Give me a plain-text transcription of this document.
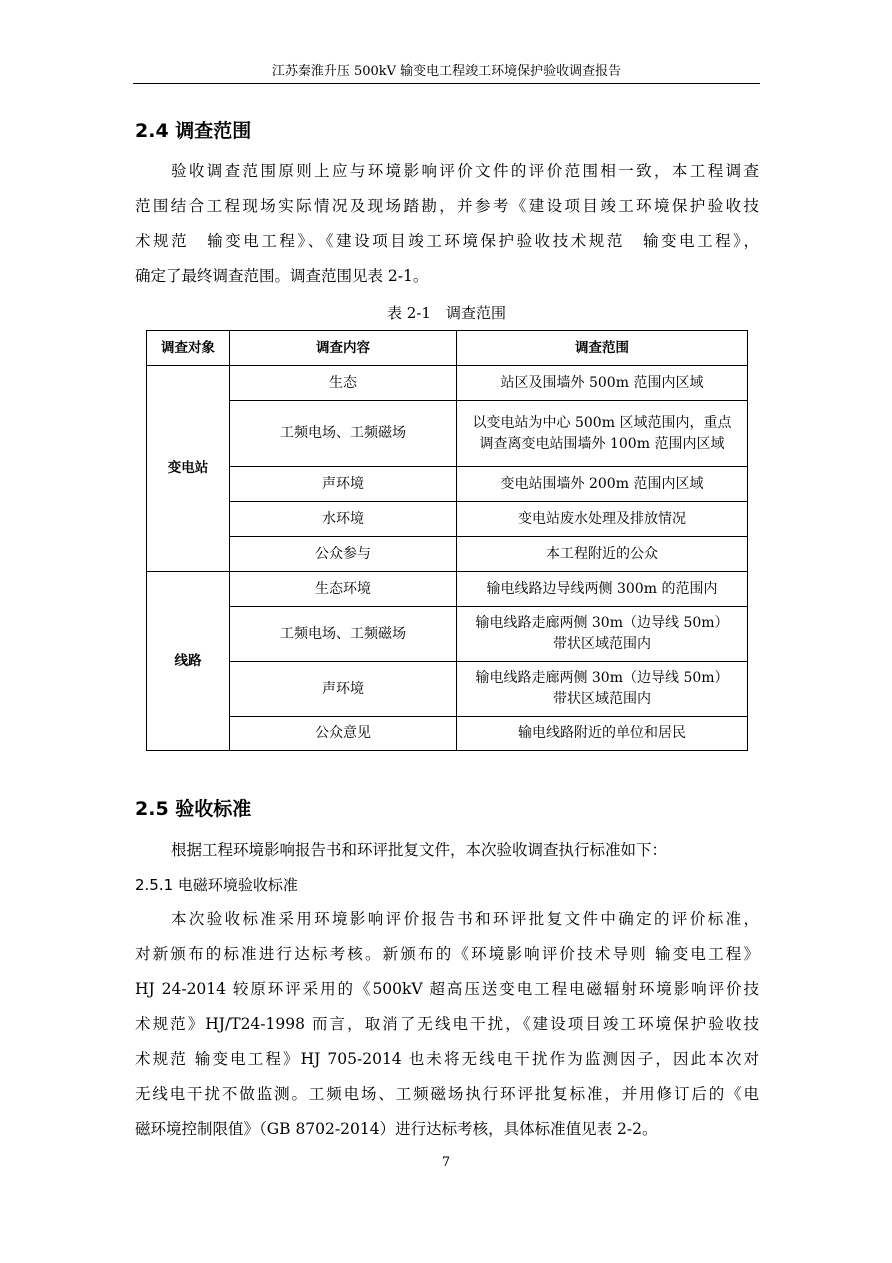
江苏秦淮升压 500kV 输变电工程竣工环境保护验收调查报告
2.4 调查范围
验收调查范围原则上应与环境影响评价文件的评价范围相一致，本工程调查
范围结合工程现场实际情况及现场踏勘，并参考《建设项目竣工环境保护验收技
术规范　输变电工程》、《建设项目竣工环境保护验收技术规范　输变电工程》，
确定了最终调查范围。调查范围见表 2-1。
表 2-1　调查范围
调查对象	调查内容	调查范围
变电站	生态	站区及围墙外 500m 范围内区域
	工频电场、工频磁场	以变电站为中心 500m 区域范围内，重点
调查离变电站围墙外 100m 范围内区域

	声环境	变电站围墙外 200m 范围内区域
	水环境	变电站废水处理及排放情况
	公众参与	本工程附近的公众
线路	生态环境	输电线路边导线两侧 300m 的范围内
	工频电场、工频磁场	输电线路走廊两侧 30m（边导线 50m）
带状区域范围内

	声环境	输电线路走廊两侧 30m（边导线 50m）
带状区域范围内

	公众意见	输电线路附近的单位和居民
2.5 验收标准
根据工程环境影响报告书和环评批复文件，本次验收调查执行标准如下：
2.5.1 电磁环境验收标准
本次验收标准采用环境影响评价报告书和环评批复文件中确定的评价标准，
对新颁布的标准进行达标考核。新颁布的《环境影响评价技术导则 输变电工程》
HJ 24-2014 较原环评采用的《500kV 超高压送变电工程电磁辐射环境影响评价技
术规范》HJ/T24-1998 而言，取消了无线电干扰，《建设项目竣工环境保护验收技
术规范 输变电工程》HJ 705-2014 也未将无线电干扰作为监测因子，因此本次对
无线电干扰不做监测。工频电场、工频磁场执行环评批复标准，并用修订后的《电
磁环境控制限值》（GB 8702-2014）进行达标考核，具体标准值见表 2-2。
7
